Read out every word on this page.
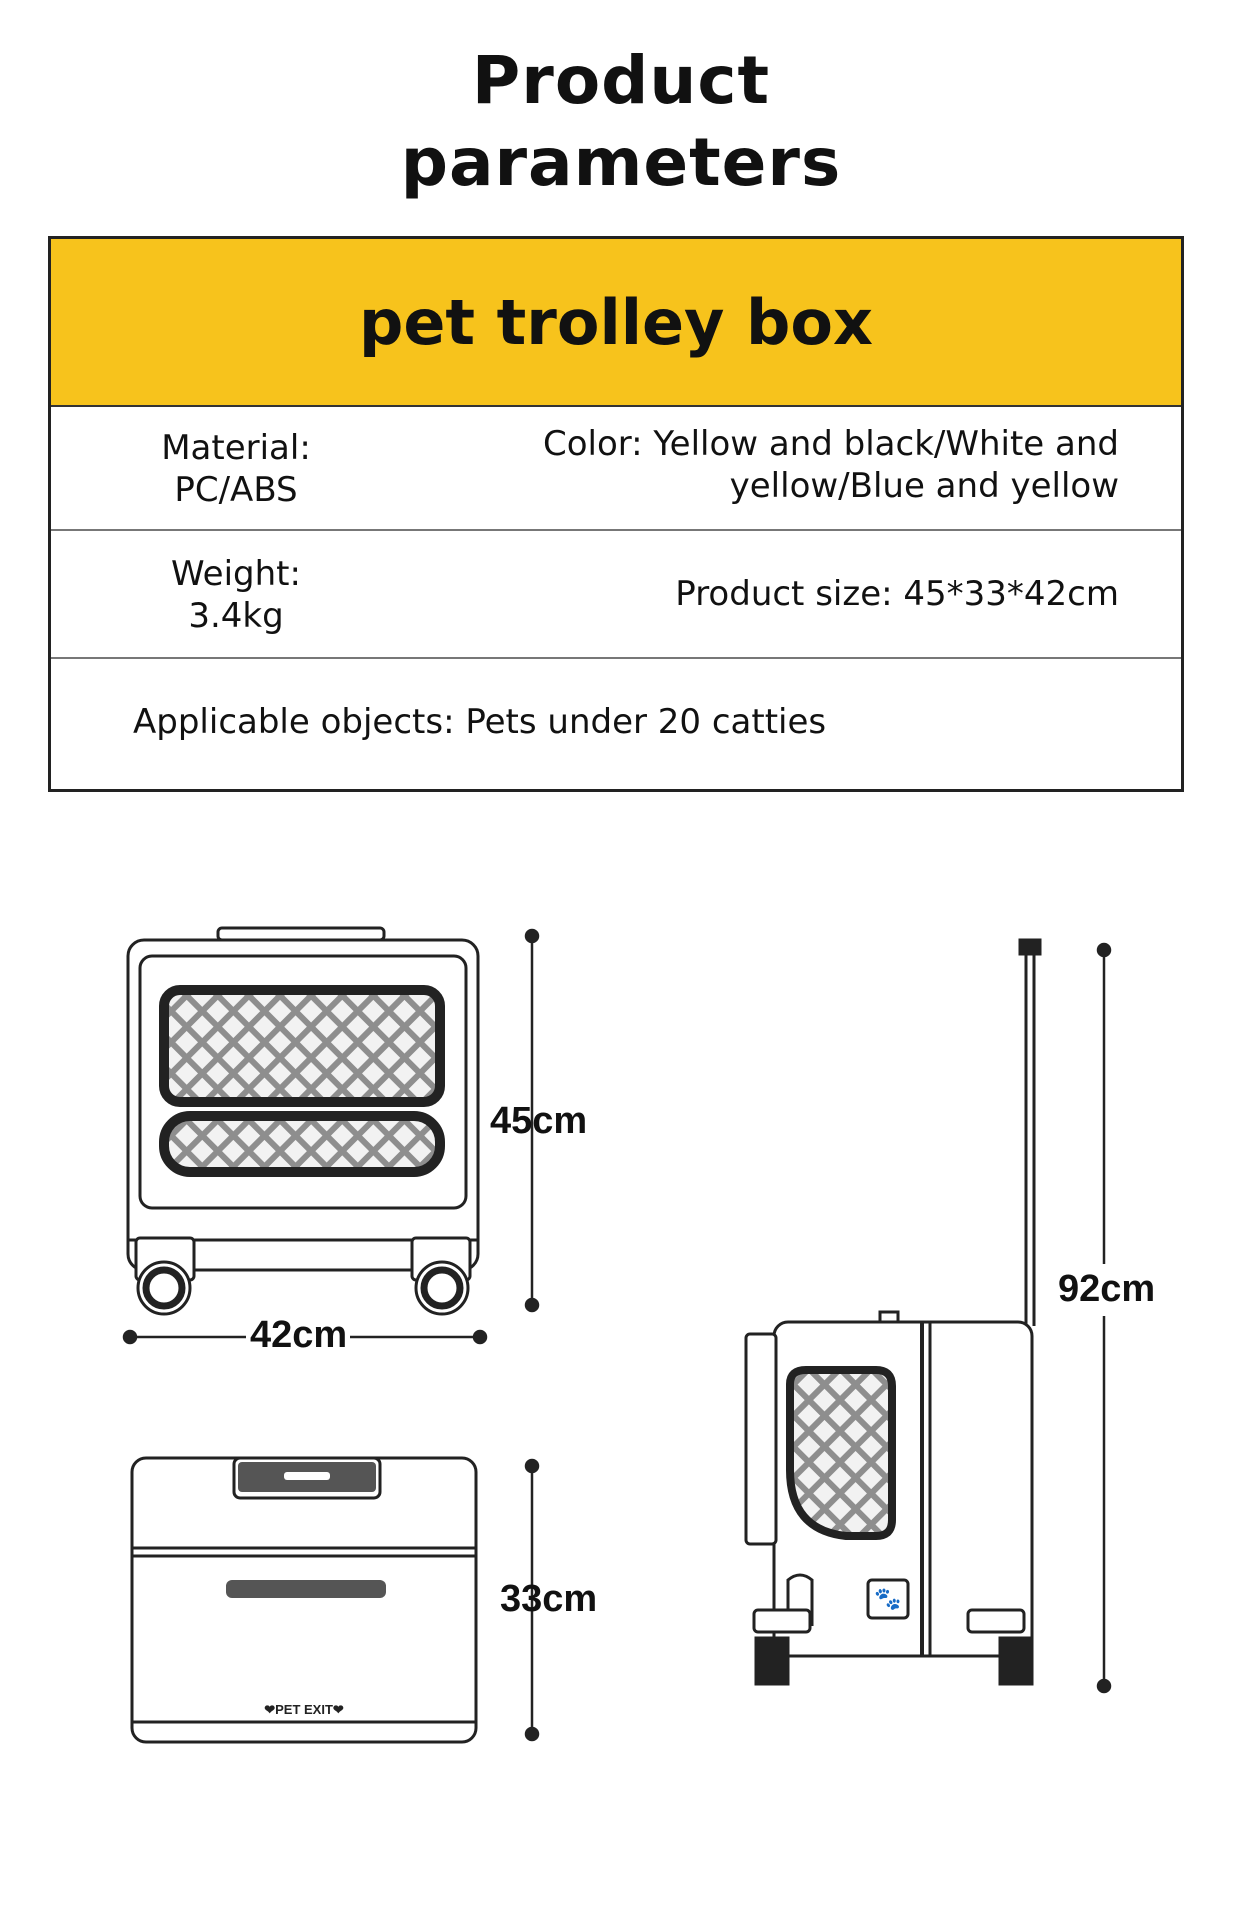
Product
parameters
pet trolley box
Material:
PC/ABS
Color: Yellow and black/White and
yellow/Blue and yellow
Weight:
3.4kg
Product size: 45*33*42cm
Applicable objects: Pets under 20 catties
❤PET EXIT❤
🐾
45cm
42cm
33cm
92cm
